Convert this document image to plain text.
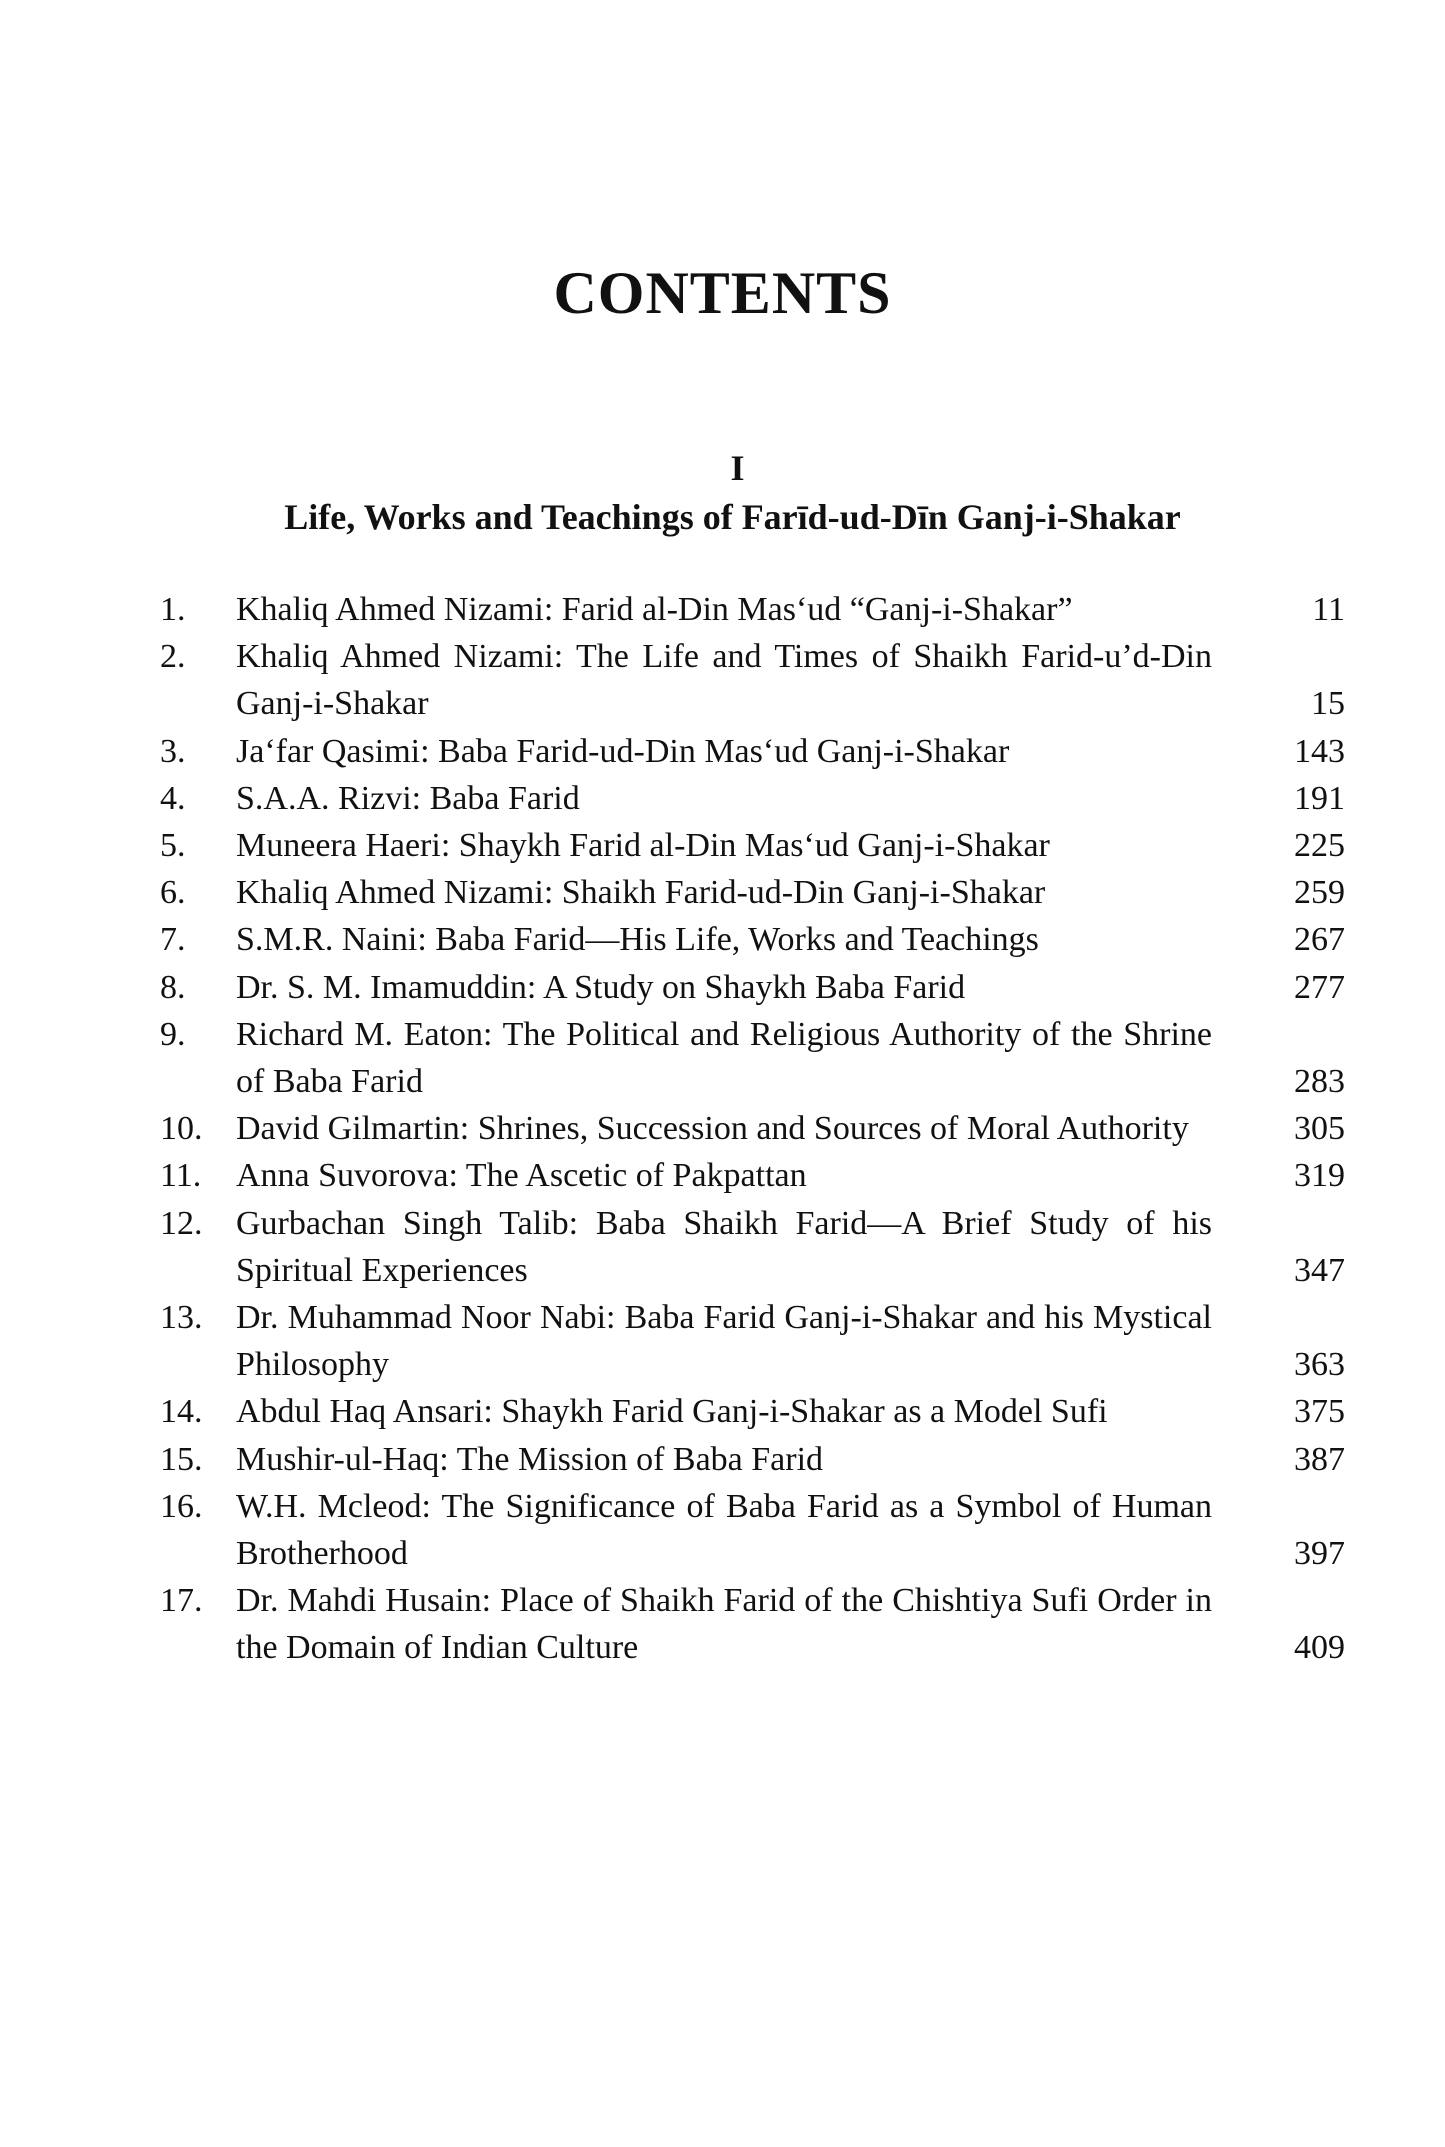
CONTENTS
I
Life, Works and Teachings of Farīd-ud-Dīn Ganj-i-Shakar
1.	Khaliq Ahmed Nizami: Farid al-Din Mas‘ud “Ganj-i-Shakar”	11
2.	Khaliq Ahmed Nizami: The Life and Times of Shaikh Farid-u’d-Din Ganj-i-Shakar	15
3.	Ja‘far Qasimi: Baba Farid-ud-Din Mas‘ud Ganj-i-Shakar	143
4.	S.A.A. Rizvi: Baba Farid	191
5.	Muneera Haeri: Shaykh Farid al-Din Mas‘ud Ganj-i-Shakar	225
6.	Khaliq Ahmed Nizami: Shaikh Farid-ud-Din Ganj-i-Shakar	259
7.	S.M.R. Naini: Baba Farid—His Life, Works and Teachings	267
8.	Dr. S. M. Imamuddin: A Study on Shaykh Baba Farid	277
9.	Richard M. Eaton: The Political and Religious Authority of the Shrine of Baba Farid	283
10. David Gilmartin: Shrines, Succession and Sources of Moral Authority	305
11.	Anna Suvorova: The Ascetic of Pakpattan	319
12. Gurbachan Singh Talib: Baba Shaikh Farid—A Brief Study of his Spiritual Experiences	347
13. Dr. Muhammad Noor Nabi: Baba Farid Ganj-i-Shakar and his Mystical Philosophy	363
14. Abdul Haq Ansari: Shaykh Farid Ganj-i-Shakar as a Model Sufi	375
15. Mushir-ul-Haq: The Mission of Baba Farid	387
16. W.H. Mcleod: The Significance of Baba Farid as a Symbol of Human Brotherhood	397
17. Dr. Mahdi Husain: Place of Shaikh Farid of the Chishtiya Sufi Order in the Domain of Indian Culture	409
